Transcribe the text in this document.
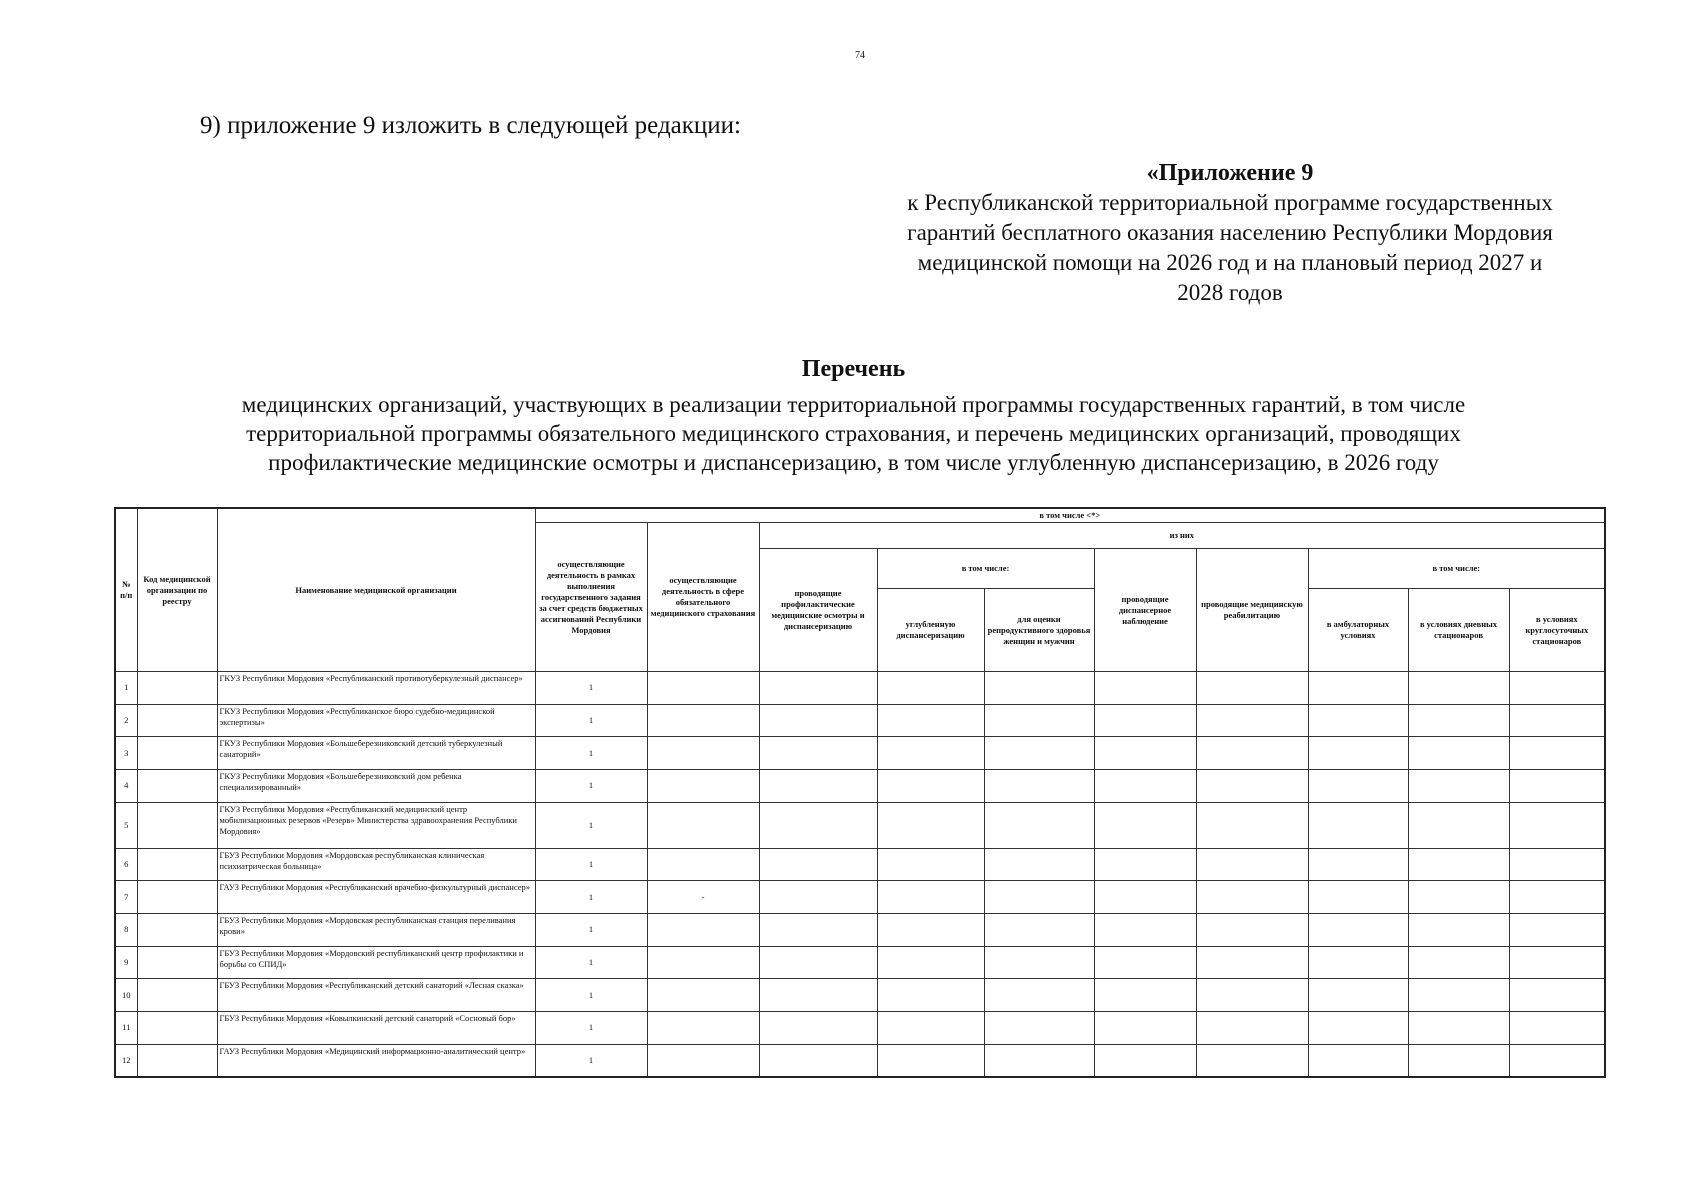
74
9) приложение 9 изложить в следующей редакции:
«Приложение 9
к Республиканской территориальной программе государственных
гарантий бесплатного оказания населению Республики Мордовия
медицинской помощи на 2026 год и на плановый период 2027 и
2028 годов
Перечень
медицинских организаций, участвующих в реализации территориальной программы государственных гарантий, в том числе
территориальной программы обязательного медицинского страхования, и перечень медицинских организаций, проводящих
профилактические медицинские осмотры и диспансеризацию, в том числе углубленную диспансеризацию, в 2026 году
№ п/п	Код медицинской организации по реестру	Наименование медицинской организации	в том числе <*>									
			осуществляющие деятельность в рамках выполнения государственного задания за счет средств бюджетных ассигнований Республики Мордовия	осуществляющие деятельность в сфере обязательного медицинского страхования	из них							
					проводящие профилактические медицинские осмотры и диспансеризацию	в том числе:		проводящие диспансерное наблюдение	проводящие медицинскую реабилитацию	в том числе:		
						углубленную диспансеризацию	для оценки репродуктивного здоровья женщин и мужчин			в амбулаторных условиях	в условиях дневных стационаров	в условиях круглосуточных стационаров
1		ГКУЗ Республики Мордовия «Республиканский противотуберкулезный диспансер»	1									
2		ГКУЗ Республики Мордовия «Республиканское бюро судебно-медицинской экспертизы»	1									
3		ГКУЗ Республики Мордовия «Большеберезниковский детский туберкулезный санаторий»	1									
4		ГКУЗ Республики Мордовия «Большеберезниковский дом ребенка специализированный»	1									
5		ГКУЗ Республики Мордовия «Республиканский медицинский центр мобилизационных резервов «Резерв» Министерства здравоохранения Республики Мордовия»	1									
6		ГБУЗ Республики Мордовия «Мордовская республиканская клиническая психиатрическая больница»	1									
7		ГАУЗ Республики Мордовия «Республиканский врачебно-физкультурный диспансер»	1	-								
8		ГБУЗ Республики Мордовия «Мордовская республиканская станция переливания крови»	1									
9		ГБУЗ Республики Мордовия «Мордовский республиканский центр профилактики и борьбы со СПИД»	1									
10		ГБУЗ Республики Мордовия «Республиканский детский санаторий «Лесная сказка»	1									
11		ГБУЗ Республики Мордовия «Ковылкинский детский санаторий «Сосновый бор»	1									
12		ГАУЗ Республики Мордовия «Медицинский информационно-аналитический центр»	1									
